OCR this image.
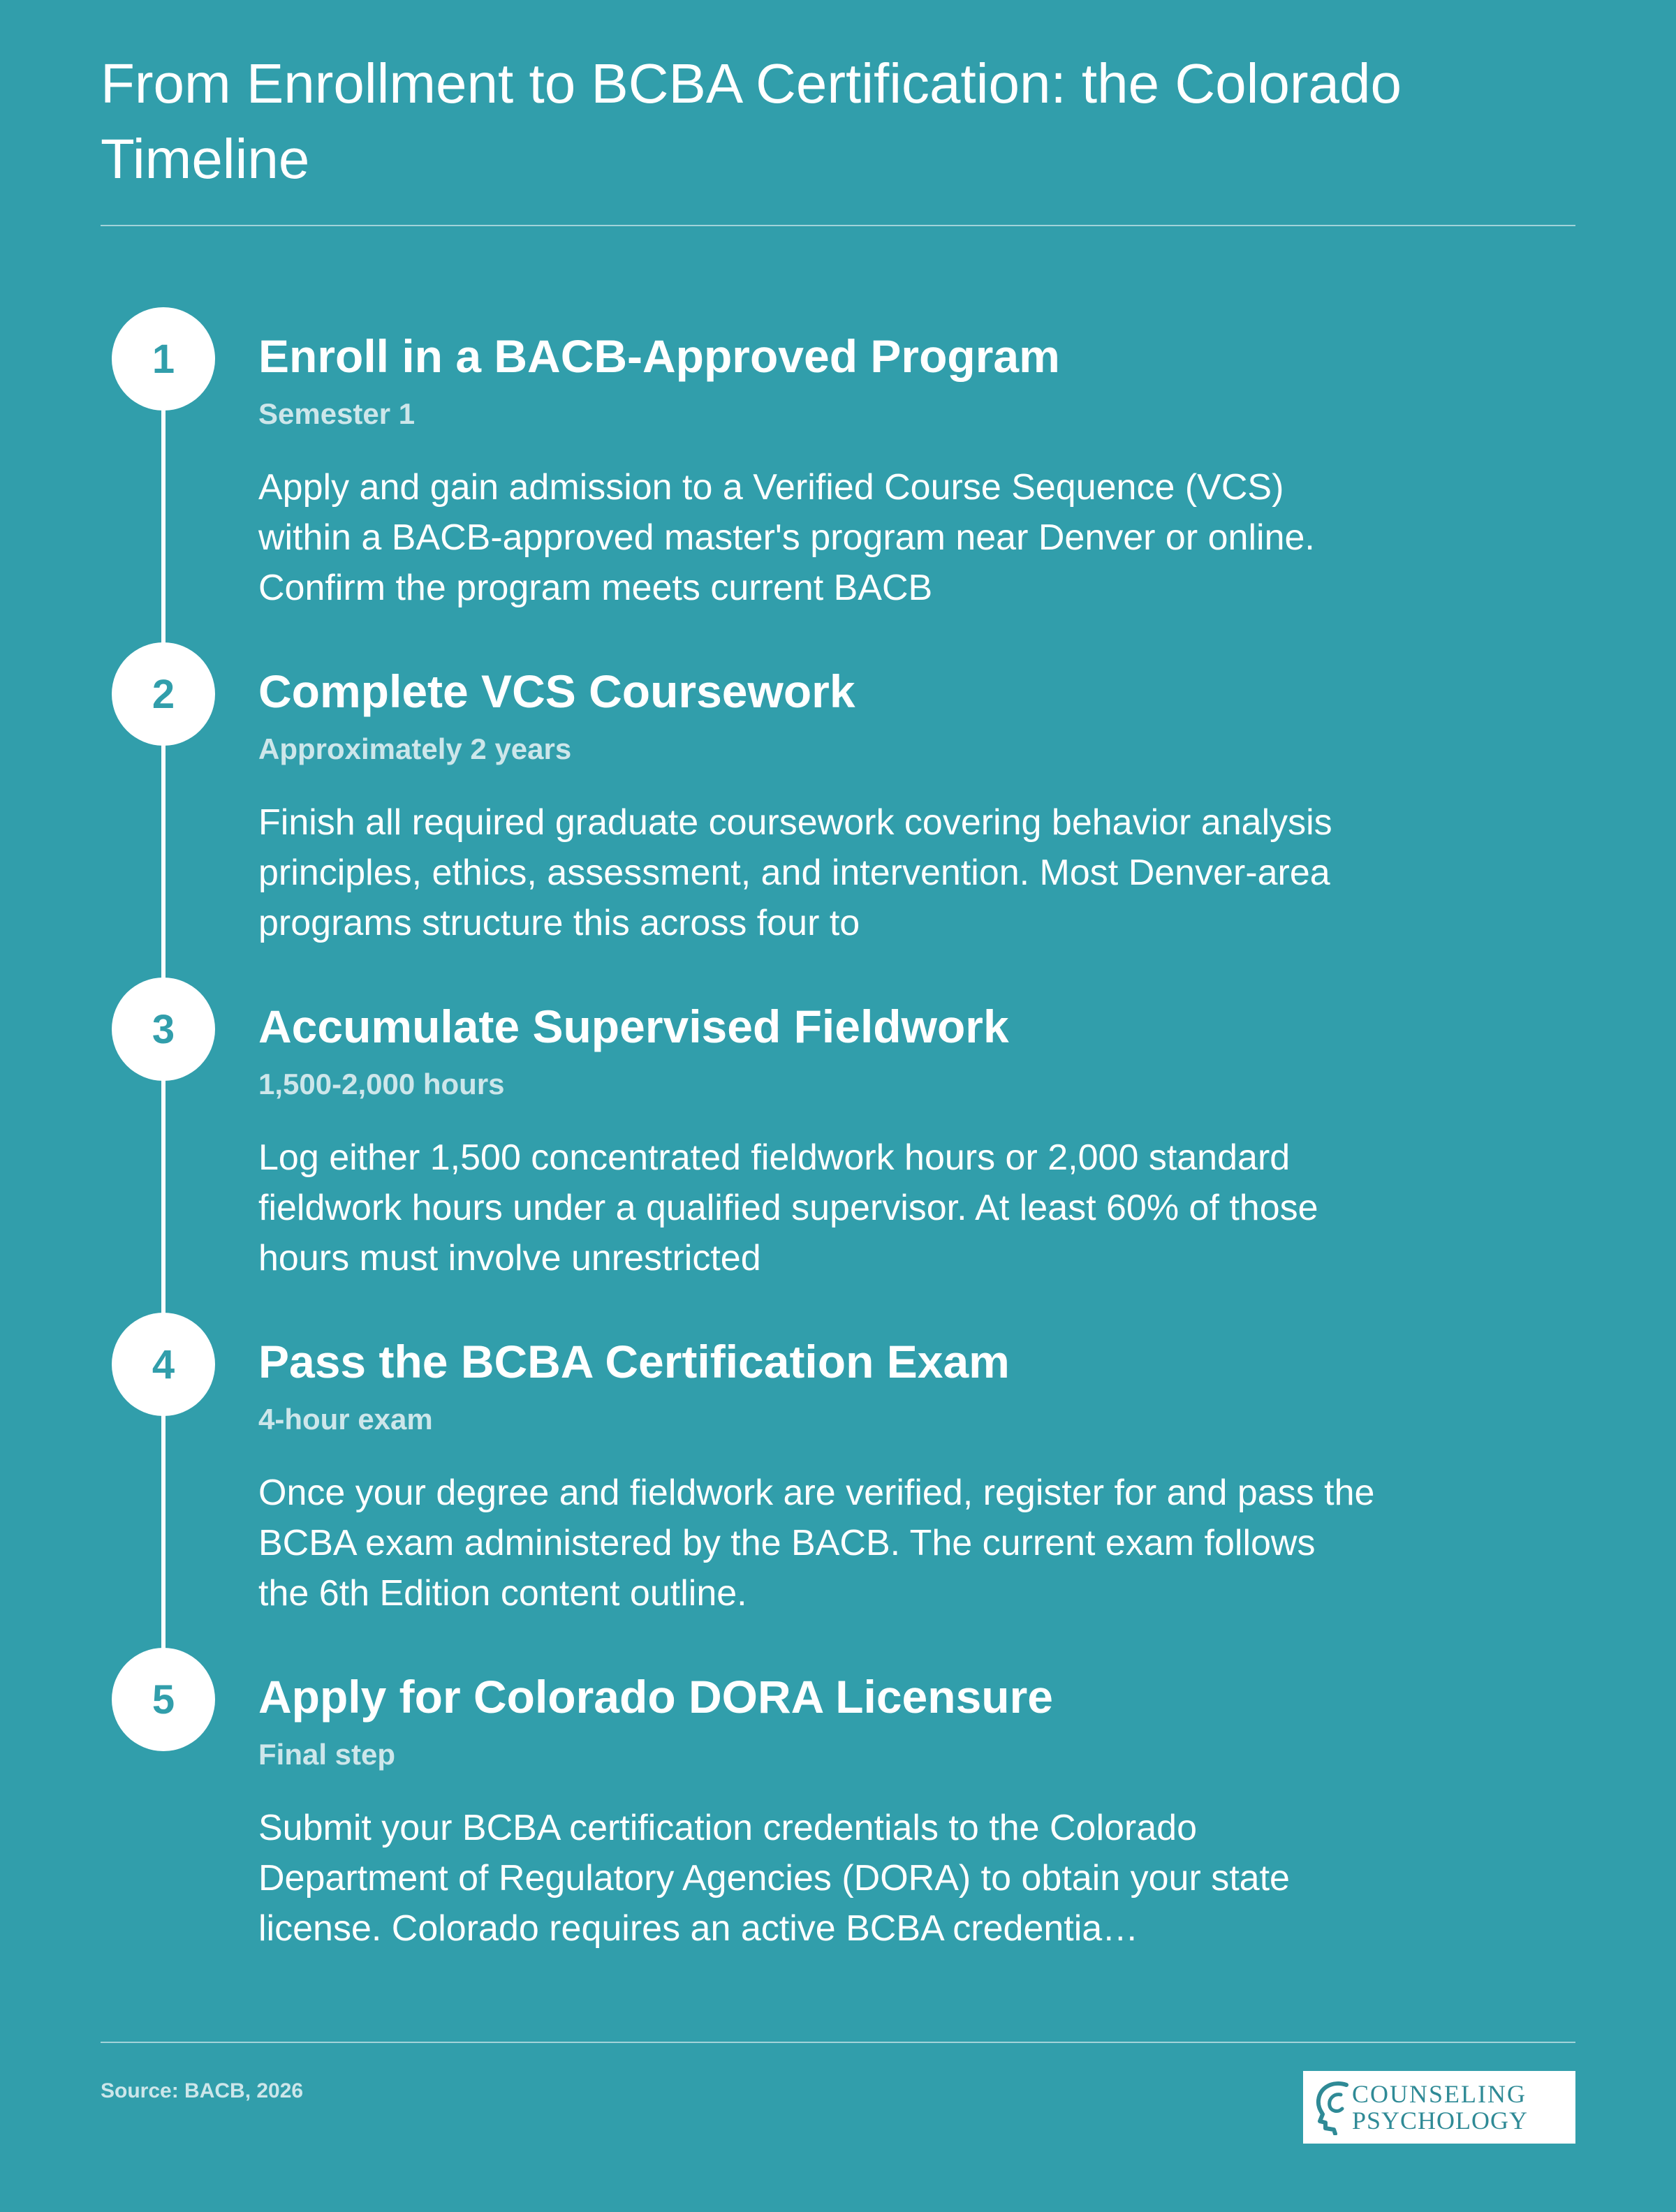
From Enrollment to BCBA Certification: the Colorado Timeline
1	Enroll in a BACB-Approved Program
Semester 1
Apply and gain admission to a Verified Course Sequence (VCS) within a BACB-approved master's program near Denver or online. Confirm the program meets current BACB
2	Complete VCS Coursework
Approximately 2 years
Finish all required graduate coursework covering behavior analysis principles, ethics, assessment, and intervention. Most Denver-area programs structure this across four to
3	Accumulate Supervised Fieldwork
1,500-2,000 hours
Log either 1,500 concentrated fieldwork hours or 2,000 standard fieldwork hours under a qualified supervisor. At least 60% of those hours must involve unrestricted
4	Pass the BCBA Certification Exam
4-hour exam
Once your degree and fieldwork are verified, register for and pass the BCBA exam administered by the BACB. The current exam follows the 6th Edition content outline.
5	Apply for Colorado DORA Licensure
Final step
Submit your BCBA certification credentials to the Colorado Department of Regulatory Agencies (DORA) to obtain your state license. Colorado requires an active BCBA credentia…
Source: BACB, 2026	COUNSELING
PSYCHOLOGY
